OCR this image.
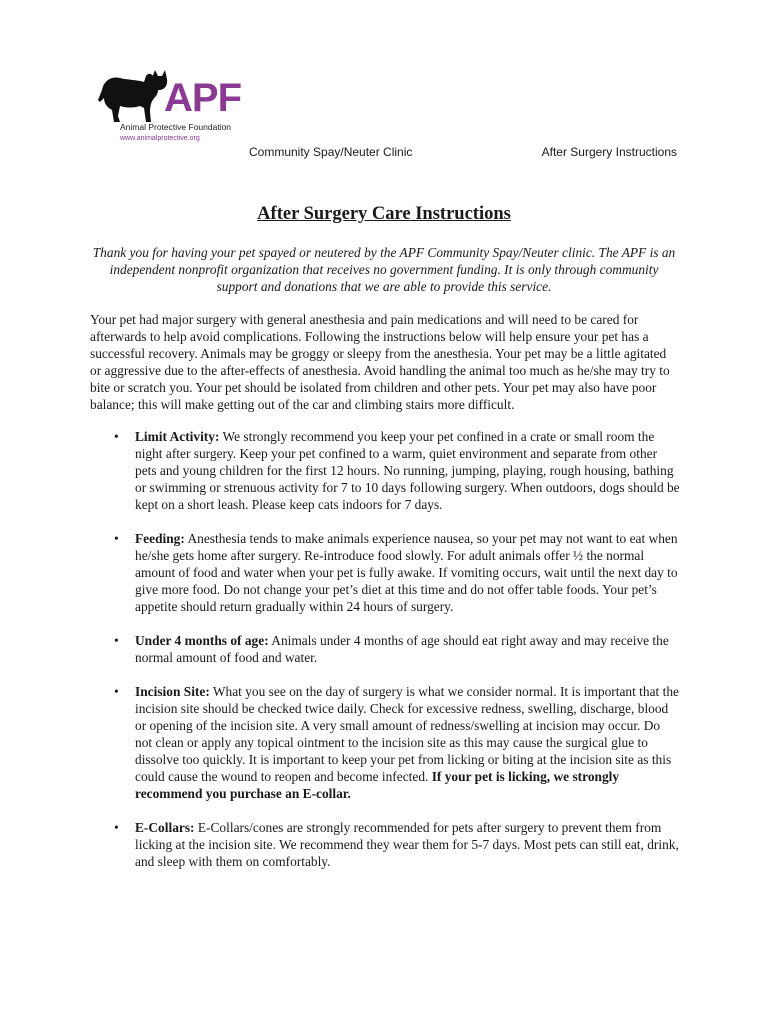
APF
Animal Protective Foundation
www.animalprotective.org
Community Spay/Neuter Clinic	After Surgery Instructions
After Surgery Care Instructions

Thank you for having your pet spayed or neutered by the APF Community Spay/Neuter clinic. The APF is an independent nonprofit organization that receives no government funding. It is only through community support and donations that we are able to provide this service.

Your pet had major surgery with general anesthesia and pain medications and will need to be cared for afterwards to help avoid complications. Following the instructions below will help ensure your pet has a successful recovery. Animals may be groggy or sleepy from the anesthesia. Your pet may be a little agitated or aggressive due to the after-effects of anesthesia. Avoid handling the animal too much as he/she may try to bite or scratch you. Your pet should be isolated from children and other pets. Your pet may also have poor balance; this will make getting out of the car and climbing stairs more difficult.

• Limit Activity: We strongly recommend you keep your pet confined in a crate or small room the night after surgery. Keep your pet confined to a warm, quiet environment and separate from other pets and young children for the first 12 hours. No running, jumping, playing, rough housing, bathing or swimming or strenuous activity for 7 to 10 days following surgery. When outdoors, dogs should be kept on a short leash. Please keep cats indoors for 7 days.
• Feeding: Anesthesia tends to make animals experience nausea, so your pet may not want to eat when he/she gets home after surgery. Re-introduce food slowly. For adult animals offer ½ the normal amount of food and water when your pet is fully awake. If vomiting occurs, wait until the next day to give more food. Do not change your pet’s diet at this time and do not offer table foods. Your pet’s appetite should return gradually within 24 hours of surgery.
• Under 4 months of age: Animals under 4 months of age should eat right away and may receive the normal amount of food and water.
• Incision Site: What you see on the day of surgery is what we consider normal. It is important that the incision site should be checked twice daily. Check for excessive redness, swelling, discharge, blood or opening of the incision site. A very small amount of redness/swelling at incision may occur. Do not clean or apply any topical ointment to the incision site as this may cause the surgical glue to dissolve too quickly. It is important to keep your pet from licking or biting at the incision site as this could cause the wound to reopen and become infected. If your pet is licking, we strongly recommend you purchase an E-collar.
• E-Collars: E-Collars/cones are strongly recommended for pets after surgery to prevent them from licking at the incision site. We recommend they wear them for 5-7 days. Most pets can still eat, drink, and sleep with them on comfortably.
